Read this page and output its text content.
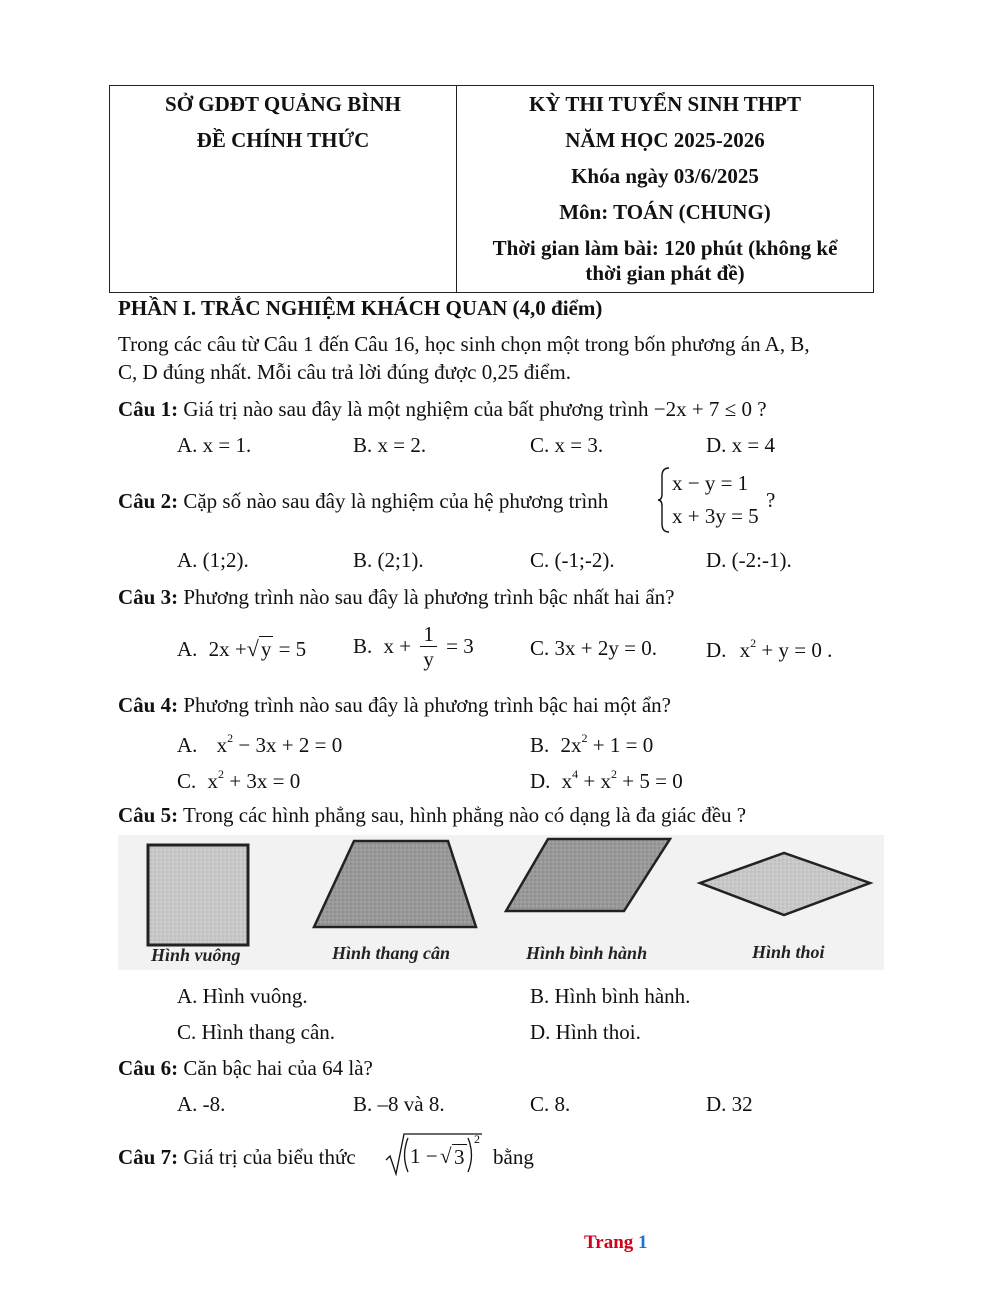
SỞ GDĐT QUẢNG BÌNH
ĐỀ CHÍNH THỨC
KỲ THI TUYỂN SINH THPT
NĂM HỌC 2025-2026
Khóa ngày 03/6/2025
Môn: TOÁN (CHUNG)
Thời gian làm bài: 120 phút (không kể
thời gian phát đề)
PHẦN I. TRẮC NGHIỆM KHÁCH QUAN (4,0 điểm)
Trong các câu từ Câu 1 đến Câu 16, học sinh chọn một trong bốn phương án A, B,
C, D đúng nhất. Mỗi câu trả lời đúng được 0,25 điểm.
Câu 1: Giá trị nào sau đây là một nghiệm của bất phương trình −2x + 7 ≤ 0 ?
A. x = 1.	B. x = 2.	C. x = 3.	D. x = 4
Câu 2: Cặp số nào sau đây là nghiệm của hệ phương trình
x − y = 1
x + 3y = 5
?
A. (1;2).	B. (2;1).	C. (-1;-2).	D. (-2:-1).
Câu 3: Phương trình nào sau đây là phương trình bậc nhất hai ẩn?
A. 2x +√y = 5 B. $x + \frac{1}{y} = 3$	C. 3x + 2y = 0. D. $x^2 + y = 0$ .
Câu 4: Phương trình nào sau đây là phương trình bậc hai một ẩn?
A. $x^2 - 3x + 2 = 0$	B. $2x^2 + 1 = 0$
C. $x^2 + 3x = 0$	D. $x^4 + x^2 + 5 = 0$
Câu 5: Trong các hình phẳng sau, hình phẳng nào có dạng là đa giác đều ?
Hình vuông	Hình thang cân	Hình bình hành	Hình thoi
A. Hình vuông.	B. Hình bình hành.
C. Hình thang cân.	D. Hình thoi.
Câu 6: Căn bậc hai của 64 là?
A. -8.	B. –8 và 8.	C. 8.	D. 32
Câu 7: Giá trị của biểu thức	1 − √ 3
2
bằng
Trang 1
